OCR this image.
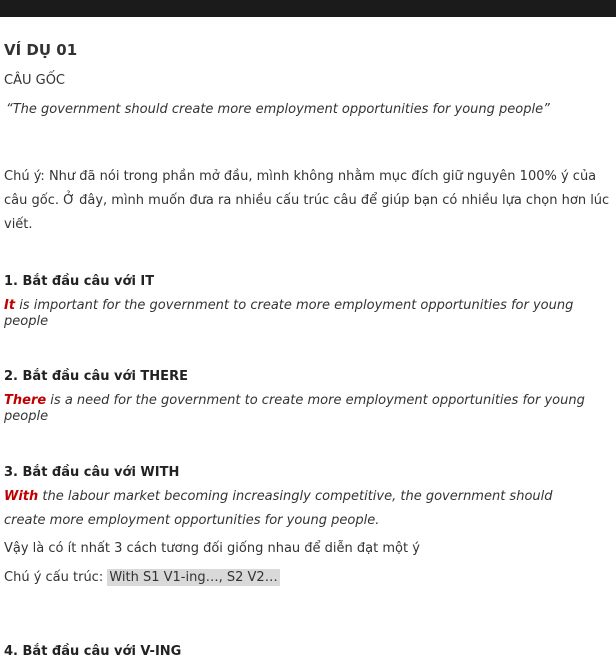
VÍ DỤ 01
CÂU GỐC
“The government should create more employment opportunities for young people”
Chú ý: Như đã nói trong phần mở đầu, mình không nhằm mục đích giữ nguyên 100% ý của câu gốc. Ở đây, mình muốn đưa ra nhiều cấu trúc câu để giúp bạn có nhiều lựa chọn hơn lúc viết.
1. Bắt đầu câu với IT
It is important for the government to create more employment opportunities for young people
2. Bắt đầu câu với THERE
There is a need for the government to create more employment opportunities for young people
3. Bắt đầu câu với WITH
With the labour market becoming increasingly competitive, the government should create more employment opportunities for young people.
Vậy là có ít nhất 3 cách tương đối giống nhau để diễn đạt một ý
Chú ý cấu trúc: With S1 V1-ing…, S2 V2…
4. Bắt đầu câu với V-ING
